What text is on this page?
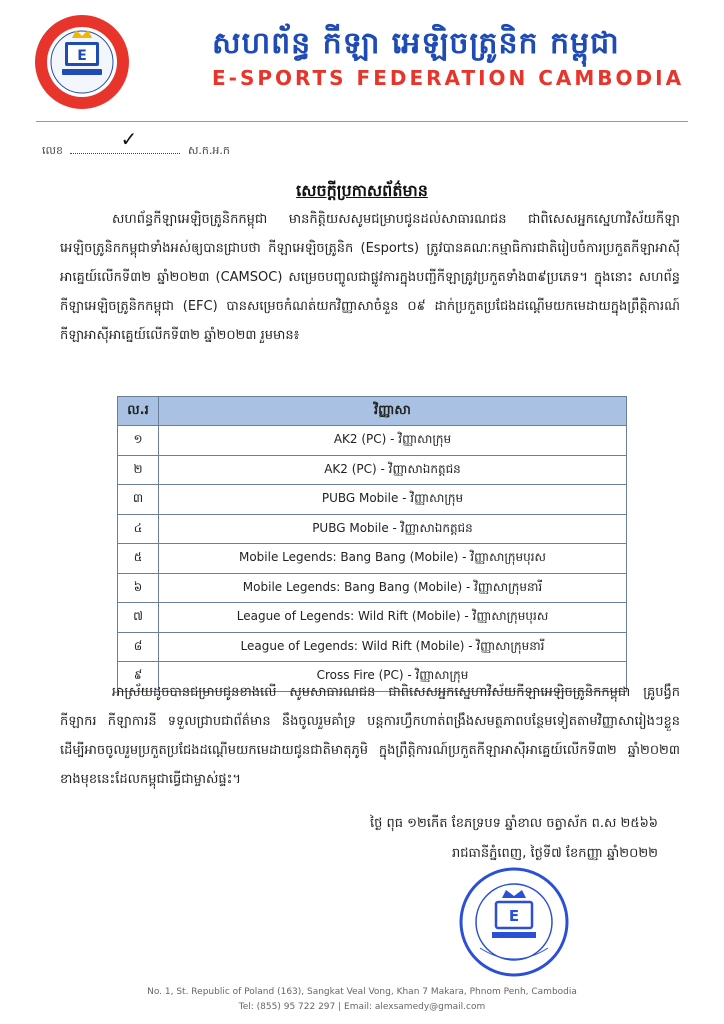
E	សហព័ន្ធ កីឡា អេឡិចត្រូនិក កម្ពុជា
E-SPORTS FEDERATION CAMBODIA
លេខ	✓	ស.ក.អ.ក
សេចក្តីប្រកាសព័ត៌មាន
សហព័ន្ធកីឡាអេឡិចត្រូនិកកម្ពុជា មានកិត្តិយសសូមជម្រាបជូនដល់សាធារណជន ជាពិសេសអ្នកស្នេហាវិស័យកីឡាអេឡិចត្រូនិកកម្ពុជាទាំងអស់ឲ្យបានជ្រាបថា កីឡាអេឡិចត្រូនិក (Esports) ត្រូវបានគណៈកម្មាធិការជាតិរៀបចំការប្រកួតកីឡាអាស៊ីអាគ្នេយ៍លើកទី៣២ ឆ្នាំ២០២៣ (CAMSOC) សម្រេចបញ្ចូលជាផ្លូវការក្នុងបញ្ជីកីឡាត្រូវប្រកួតទាំង៣៩ប្រភេទ។ ក្នុងនោះ សហព័ន្ធកីឡាអេឡិចត្រូនិកកម្ពុជា (EFC) បានសម្រេចកំណត់យកវិញ្ញាសាចំនួន ០៩ ដាក់ប្រកួតប្រជែងដណ្តើមយកមេដាយក្នុងព្រឹត្តិការណ៍កីឡាអាស៊ីអាគ្នេយ៍លើកទី៣២ ឆ្នាំ២០២៣ រួមមាន៖
ល.រ	វិញ្ញាសា
១	AK2 (PC) - វិញ្ញាសាក្រុម
២	AK2 (PC) - វិញ្ញាសាឯកត្តជន
៣	PUBG Mobile - វិញ្ញាសាក្រុម
៤	PUBG Mobile - វិញ្ញាសាឯកត្តជន
៥	Mobile Legends: Bang Bang (Mobile) - វិញ្ញាសាក្រុមបុរស
៦	Mobile Legends: Bang Bang (Mobile) - វិញ្ញាសាក្រុមនារី
៧	League of Legends: Wild Rift (Mobile) - វិញ្ញាសាក្រុមបុរស
៨	League of Legends: Wild Rift (Mobile) - វិញ្ញាសាក្រុមនារី
៩	Cross Fire (PC) - វិញ្ញាសាក្រុម
អាស្រ័យដូចបានជម្រាបជូនខាងលើ សូមសាធារណជន ជាពិសេសអ្នកស្នេហាវិស័យកីឡាអេឡិចត្រូនិកកម្ពុជា គ្រូបង្វឹក កីឡាករ កីឡាការនី ទទួលជ្រាបជាព័ត៌មាន នឹងចូលរួមគាំទ្រ បន្តការហ្វឹកហាត់ពង្រឹងសមត្ថភាពបន្ថែមទៀតតាមវិញ្ញាសារៀងៗខ្លួន ដើម្បីអាចចូលរួមប្រកួតប្រជែងដណ្តើមយកមេដាយជូនជាតិមាតុភូមិ ក្នុងព្រឹត្តិការណ៍ប្រកួតកីឡាអាស៊ីអាគ្នេយ៍លើកទី៣២ ឆ្នាំ២០២៣ ខាងមុខនេះដែលកម្ពុជាធ្វើជាម្ចាស់ផ្ទះ។
ថ្ងៃ ពុធ ១២កើត ខែភទ្របទ ឆ្នាំខាល ចត្វាស័ក ព.ស ២៥៦៦
រាជធានីភ្នំពេញ, ថ្ងៃទី៧ ខែកញ្ញា ឆ្នាំ២០២២
E
No. 1, St. Republic of Poland (163), Sangkat Veal Vong, Khan 7 Makara, Phnom Penh, Cambodia
Tel: (855) 95 722 297 | Email: alexsamedy@gmail.com
